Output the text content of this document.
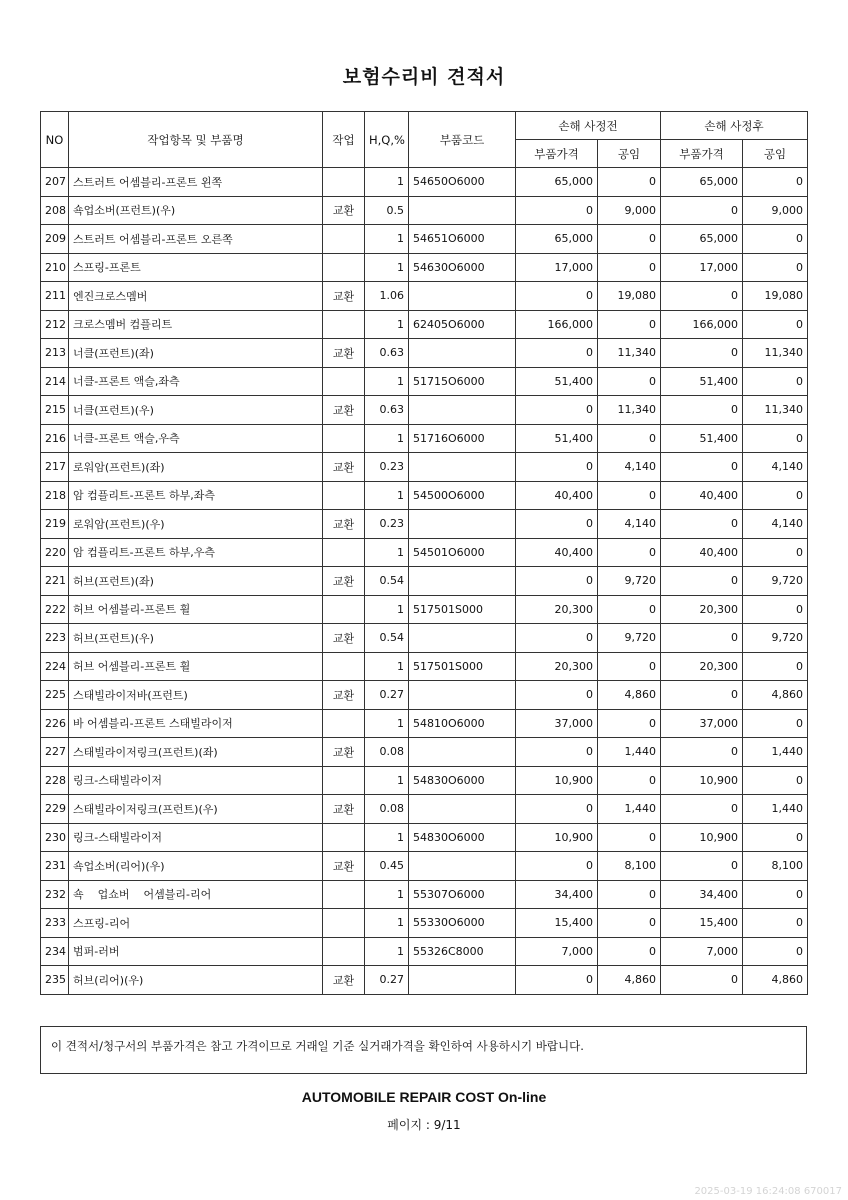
보험수리비 견적서
NO	작업항목 및 부품명	작업	H,Q,%	부품코드	손해 사정전		손해 사정후	
					부품가격	공임	부품가격	공임
207	스트러트 어셈블리-프론트 왼쪽		1	54650O6000	65,000	0	65,000	0
208	쇽업소버(프런트)(우)	교환	0.5		0	9,000	0	9,000
209	스트러트 어셈블리-프론트 오른쪽		1	54651O6000	65,000	0	65,000	0
210	스프링-프론트		1	54630O6000	17,000	0	17,000	0
211	엔진크로스멤버	교환	1.06		0	19,080	0	19,080
212	크로스멤버 컴플리트		1	62405O6000	166,000	0	166,000	0
213	너클(프런트)(좌)	교환	0.63		0	11,340	0	11,340
214	너클-프론트 액슬,좌측		1	51715O6000	51,400	0	51,400	0
215	너클(프런트)(우)	교환	0.63		0	11,340	0	11,340
216	너클-프론트 액슬,우측		1	51716O6000	51,400	0	51,400	0
217	로워암(프런트)(좌)	교환	0.23		0	4,140	0	4,140
218	암 컴플리트-프론트 하부,좌측		1	54500O6000	40,400	0	40,400	0
219	로워암(프런트)(우)	교환	0.23		0	4,140	0	4,140
220	암 컴플리트-프론트 하부,우측		1	54501O6000	40,400	0	40,400	0
221	허브(프런트)(좌)	교환	0.54		0	9,720	0	9,720
222	허브 어셈블리-프론트 휠		1	517501S000	20,300	0	20,300	0
223	허브(프런트)(우)	교환	0.54		0	9,720	0	9,720
224	허브 어셈블리-프론트 휠		1	517501S000	20,300	0	20,300	0
225	스태빌라이저바(프런트)	교환	0.27		0	4,860	0	4,860
226	바 어셈블리-프론트 스태빌라이저		1	54810O6000	37,000	0	37,000	0
227	스태빌라이저링크(프런트)(좌)	교환	0.08		0	1,440	0	1,440
228	링크-스태빌라이저		1	54830O6000	10,900	0	10,900	0
229	스태빌라이저링크(프런트)(우)	교환	0.08		0	1,440	0	1,440
230	링크-스태빌라이저		1	54830O6000	10,900	0	10,900	0
231	쇽업소버(리어)(우)	교환	0.45		0	8,100	0	8,100
232	쇽    업쇼버    어셈블리-리어		1	55307O6000	34,400	0	34,400	0
233	스프링-리어		1	55330O6000	15,400	0	15,400	0
234	범퍼-러버		1	55326C8000	7,000	0	7,000	0
235	허브(리어)(우)	교환	0.27		0	4,860	0	4,860
이 견적서/청구서의 부품가격은 참고 가격이므로 거래일 기준 실거래가격을 확인하여 사용하시기 바랍니다.
AUTOMOBILE REPAIR COST On-line
페이지 : 9/11
2025-03-19 16:24:08 670017
